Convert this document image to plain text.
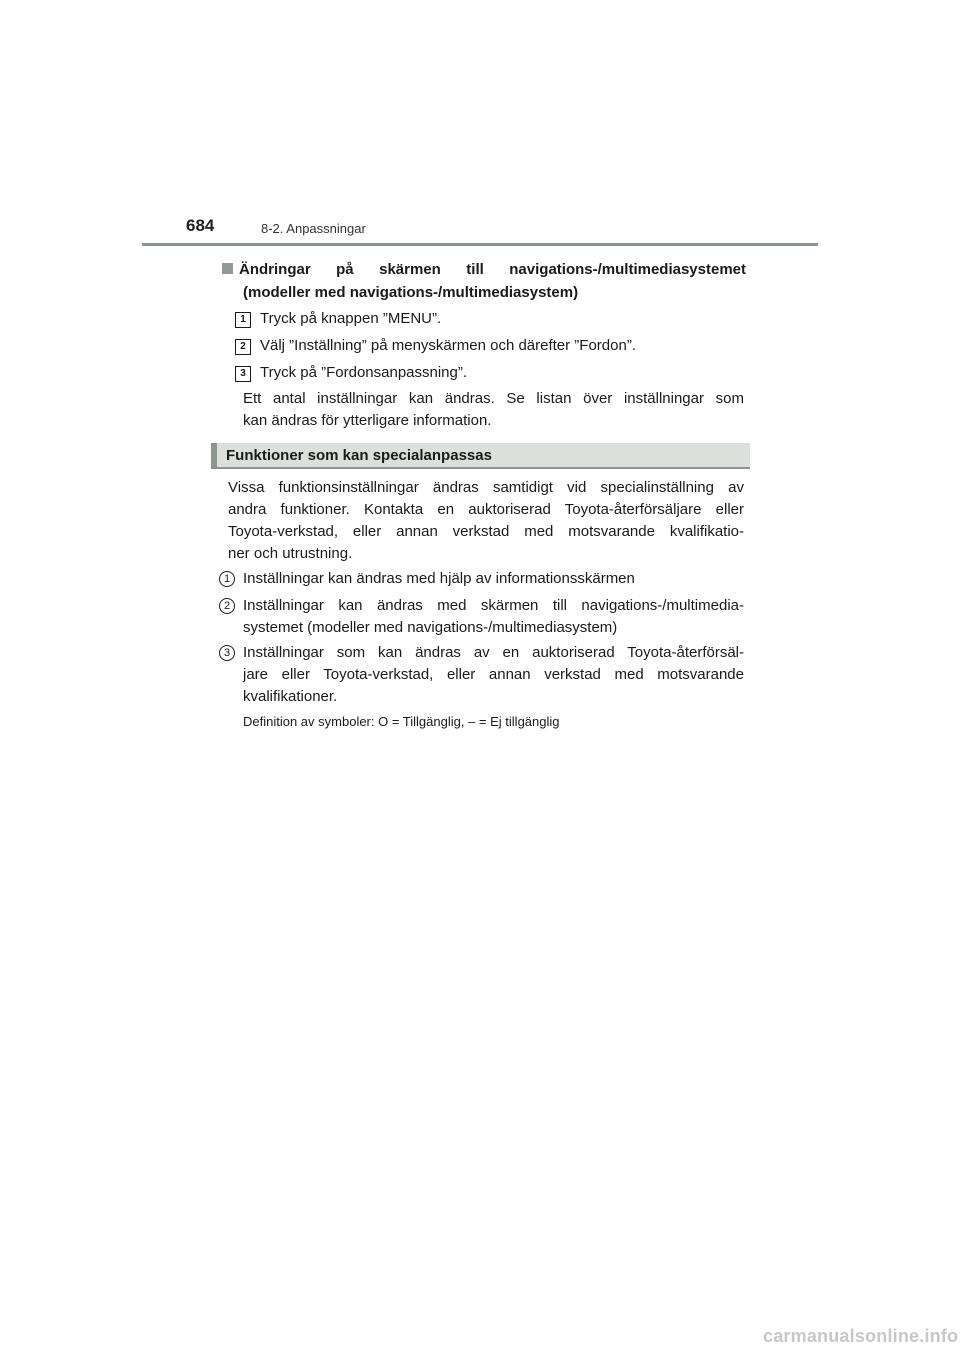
684	8-2. Anpassningar
Ändringar på skärmen till navigations-/multimediasystemet
(modeller med navigations-/multimediasystem)
1 Tryck på knappen ”MENU”.
2 Välj ”Inställning” på menyskärmen och därefter ”Fordon”.
3 Tryck på ”Fordonsanpassning”.
Ett antal inställningar kan ändras. Se listan över inställningar som
kan ändras för ytterligare information.
Funktioner som kan specialanpassas
Vissa funktionsinställningar ändras samtidigt vid specialinställning av
andra funktioner. Kontakta en auktoriserad Toyota-återförsäljare eller
Toyota-verkstad, eller annan verkstad med motsvarande kvalifikatio-
ner och utrustning.
1 Inställningar kan ändras med hjälp av informationsskärmen
2 Inställningar kan ändras med skärmen till navigations-/multimedia-
systemet (modeller med navigations-/multimediasystem)
3 Inställningar som kan ändras av en auktoriserad Toyota-återförsäl-
jare eller Toyota-verkstad, eller annan verkstad med motsvarande
kvalifikationer.
Definition av symboler: O = Tillgänglig, – = Ej tillgänglig
carmanualsonline.info
